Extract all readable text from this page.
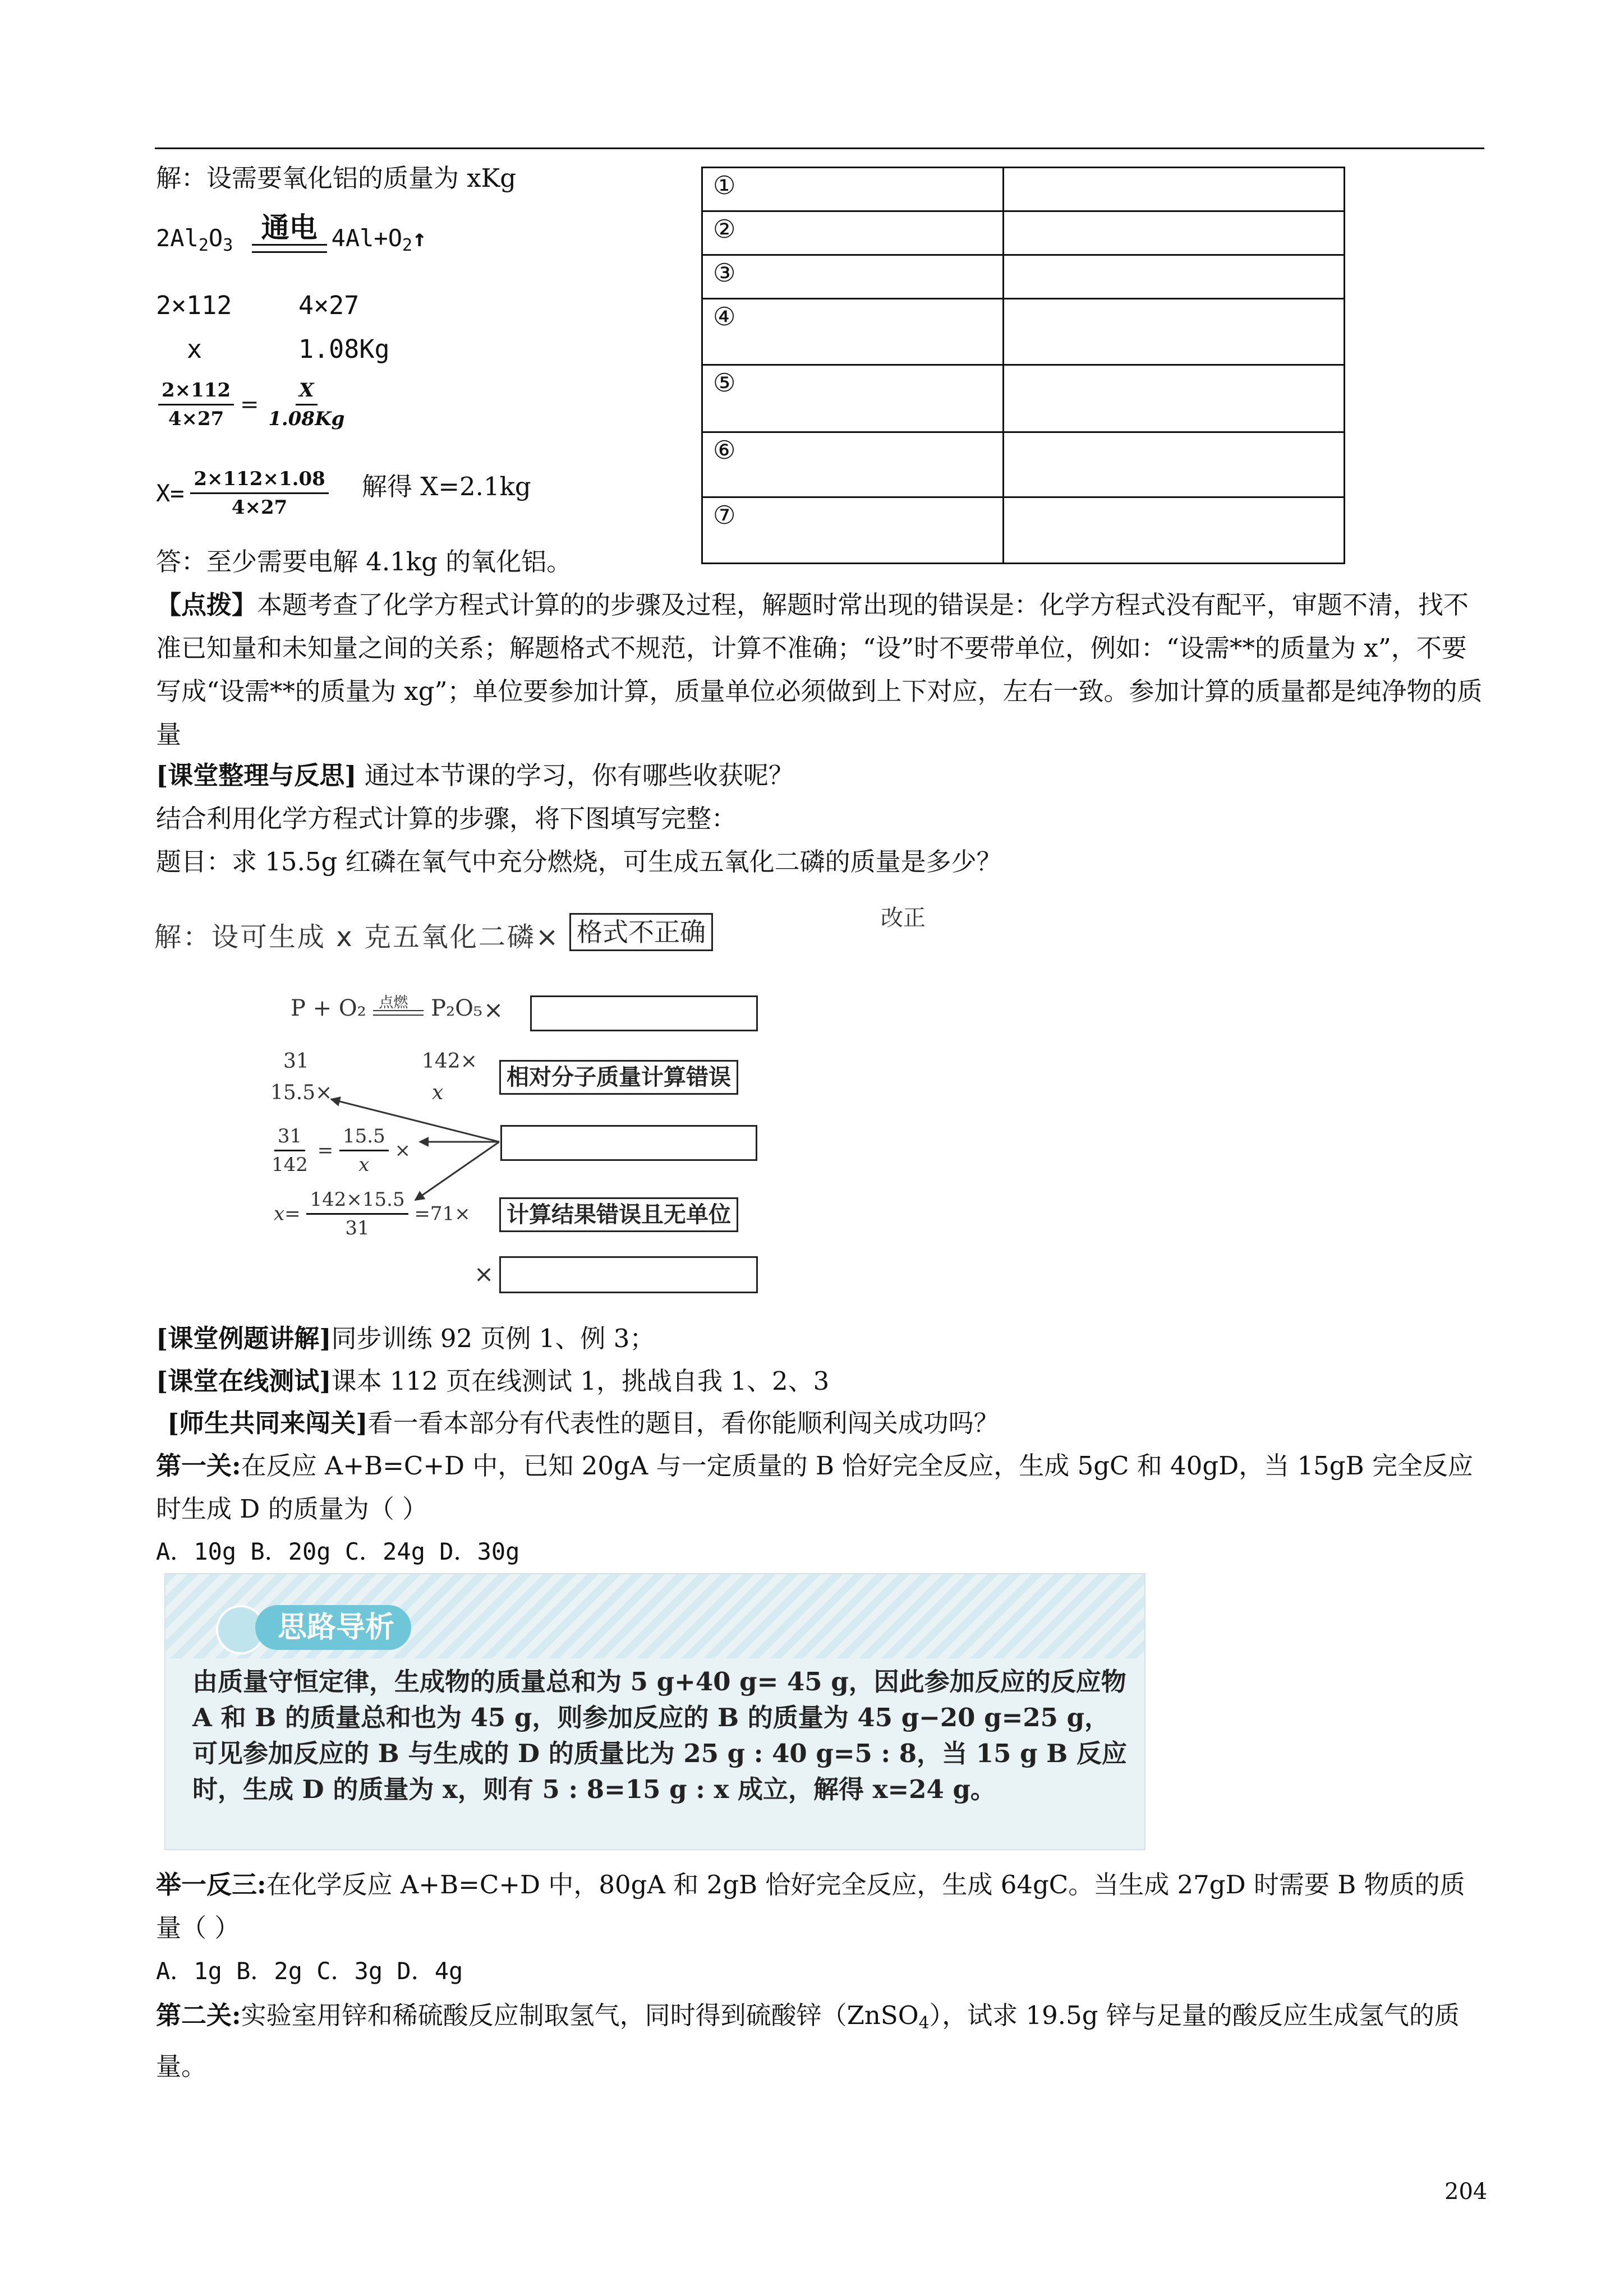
解：设需要氧化铝的质量为 xKg
$2Al_2O_3$ 通电 $4Al+O_2↑$
2×112	4×27
x	1.08Kg
$\frac{2\times 112}{4\times 27} = \frac{X}{1.08Kg}$
$X= \frac{2\times 112\times 1.08}{4\times 27}$ 解得 X=2.1kg
答：至少需要电解 4.1kg 的氧化铝。
①	
②	
③	
④	
⑤	
⑥	
⑦	
【点拨】本题考查了化学方程式计算的的步骤及过程，解题时常出现的错误是：化学方程式没有配平，审题不清，找不准已知量和未知量之间的关系；解题格式不规范，计算不准确；“设”时不要带单位，例如：“设需**的质量为 x”，不要写成“设需**的质量为 xg”；单位要参加计算，质量单位必须做到上下对应，左右一致。参加计算的质量都是纯净物的质量
[课堂整理与反思] 通过本节课的学习，你有哪些收获呢？
结合利用化学方程式计算的步骤，将下图填写完整：
题目：求 15.5g 红磷在氧气中充分燃烧，可生成五氧化二磷的质量是多少？
改正
解：设可生成 x 克五氧化二磷× 格式不正确
P + O₂ 点燃 P₂O₅ ×
31	142×
15.5×	x
相对分子质量计算错误
$\frac{31}{142} = \frac{15.5}{x}$ ×
$x= \frac{142\times 15.5}{31} =71\times$	计算结果错误且无单位
×
[课堂例题讲解]同步训练 92 页例 1、例 3；
[课堂在线测试]课本 112 页在线测试 1，挑战自我 1、2、3
[师生共同来闯关]看一看本部分有代表性的题目，看你能顺利闯关成功吗？
第一关:在反应 A+B=C+D 中，已知 20gA 与一定质量的 B 恰好完全反应，生成 5gC 和 40gD，当 15gB 完全反应时生成 D 的质量为（ ）
A．10g B．20g C．24g D．30g
思路导析
由质量守恒定律，生成物的质量总和为 5 g+40 g= 45 g，因此参加反应的反应物 A 和 B 的质量总和也为 45 g，则参加反应的 B 的质量为 45 g−20 g=25 g，可见参加反应的 B 与生成的 D 的质量比为 25 g : 40 g=5 : 8，当 15 g B 反应时，生成 D 的质量为 x，则有 5 : 8=15 g : x 成立，解得 x=24 g。
举一反三:在化学反应 A+B=C+D 中，80gA 和 2gB 恰好完全反应，生成 64gC。当生成 27gD 时需要 B 物质的质量（ ）
A．1g B．2g C．3g D．4g
第二关:实验室用锌和稀硫酸反应制取氢气，同时得到硫酸锌（ZnSO$_4$），试求 19.5g 锌与足量的酸反应生成氢气的质量。
204
